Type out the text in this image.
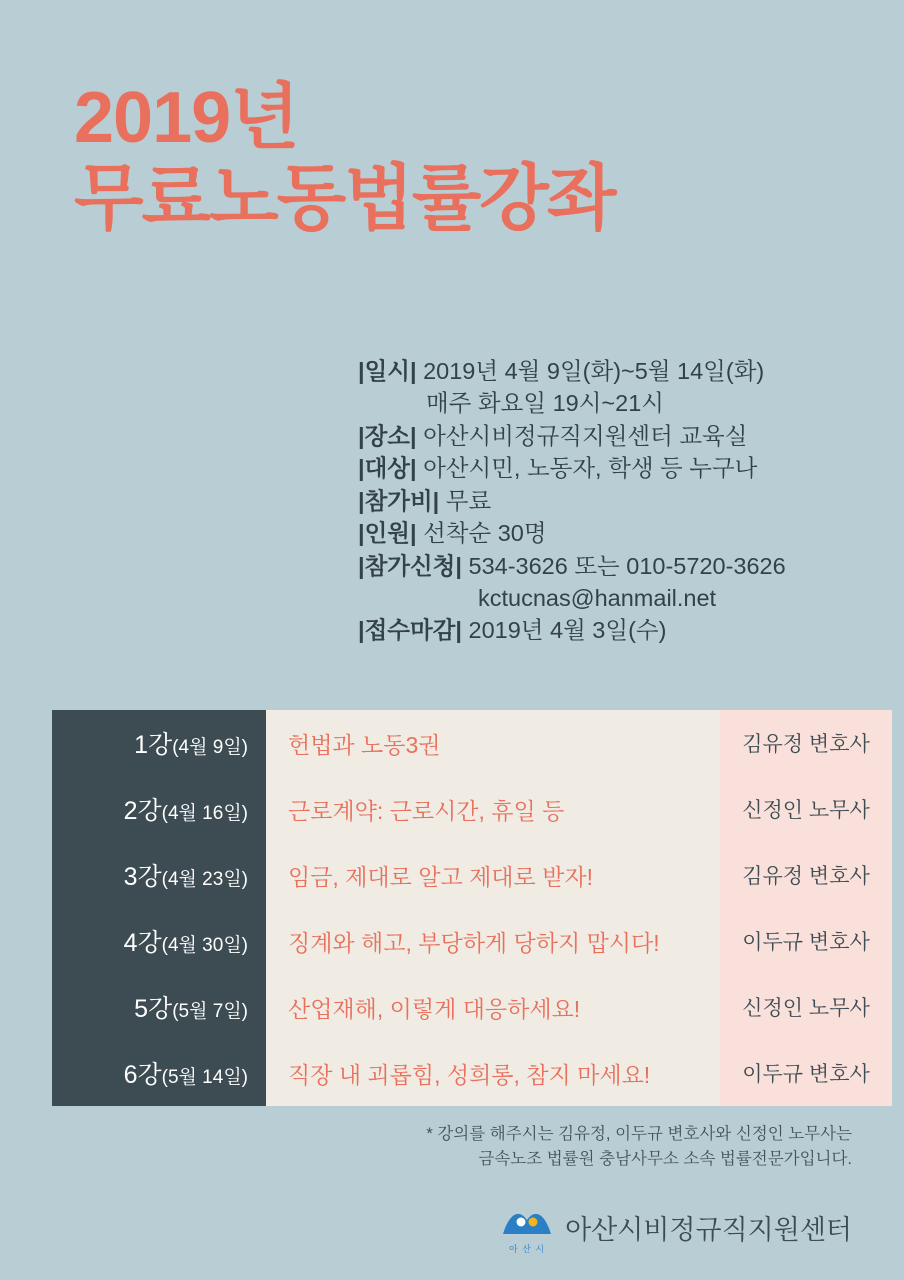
2019년
무료노동법률강좌
|일시| 2019년 4월 9일(화)~5월 14일(화)
매주 화요일 19시~21시
|장소| 아산시비정규직지원센터 교육실
|대상| 아산시민, 노동자, 학생 등 누구나
|참가비| 무료
|인원| 선착순 30명
|참가신청| 534-3626 또는 010-5720-3626
kctucnas@hanmail.net
|접수마감| 2019년 4월 3일(수)
1강(4월 9일)	헌법과 노동3권	김유정 변호사
2강(4월 16일)	근로계약: 근로시간, 휴일 등	신정인 노무사
3강(4월 23일)	임금, 제대로 알고 제대로 받자!	김유정 변호사
4강(4월 30일)	징계와 해고, 부당하게 당하지 맙시다!	이두규 변호사
5강(5월 7일)	산업재해, 이렇게 대응하세요!	신정인 노무사
6강(5월 14일)	직장 내 괴롭힘, 성희롱, 참지 마세요!	이두규 변호사
* 강의를 해주시는 김유정, 이두규 변호사와 신정인 노무사는
금속노조 법률원 충남사무소 소속 법률전문가입니다.
아 산 시
아산시비정규직지원센터
